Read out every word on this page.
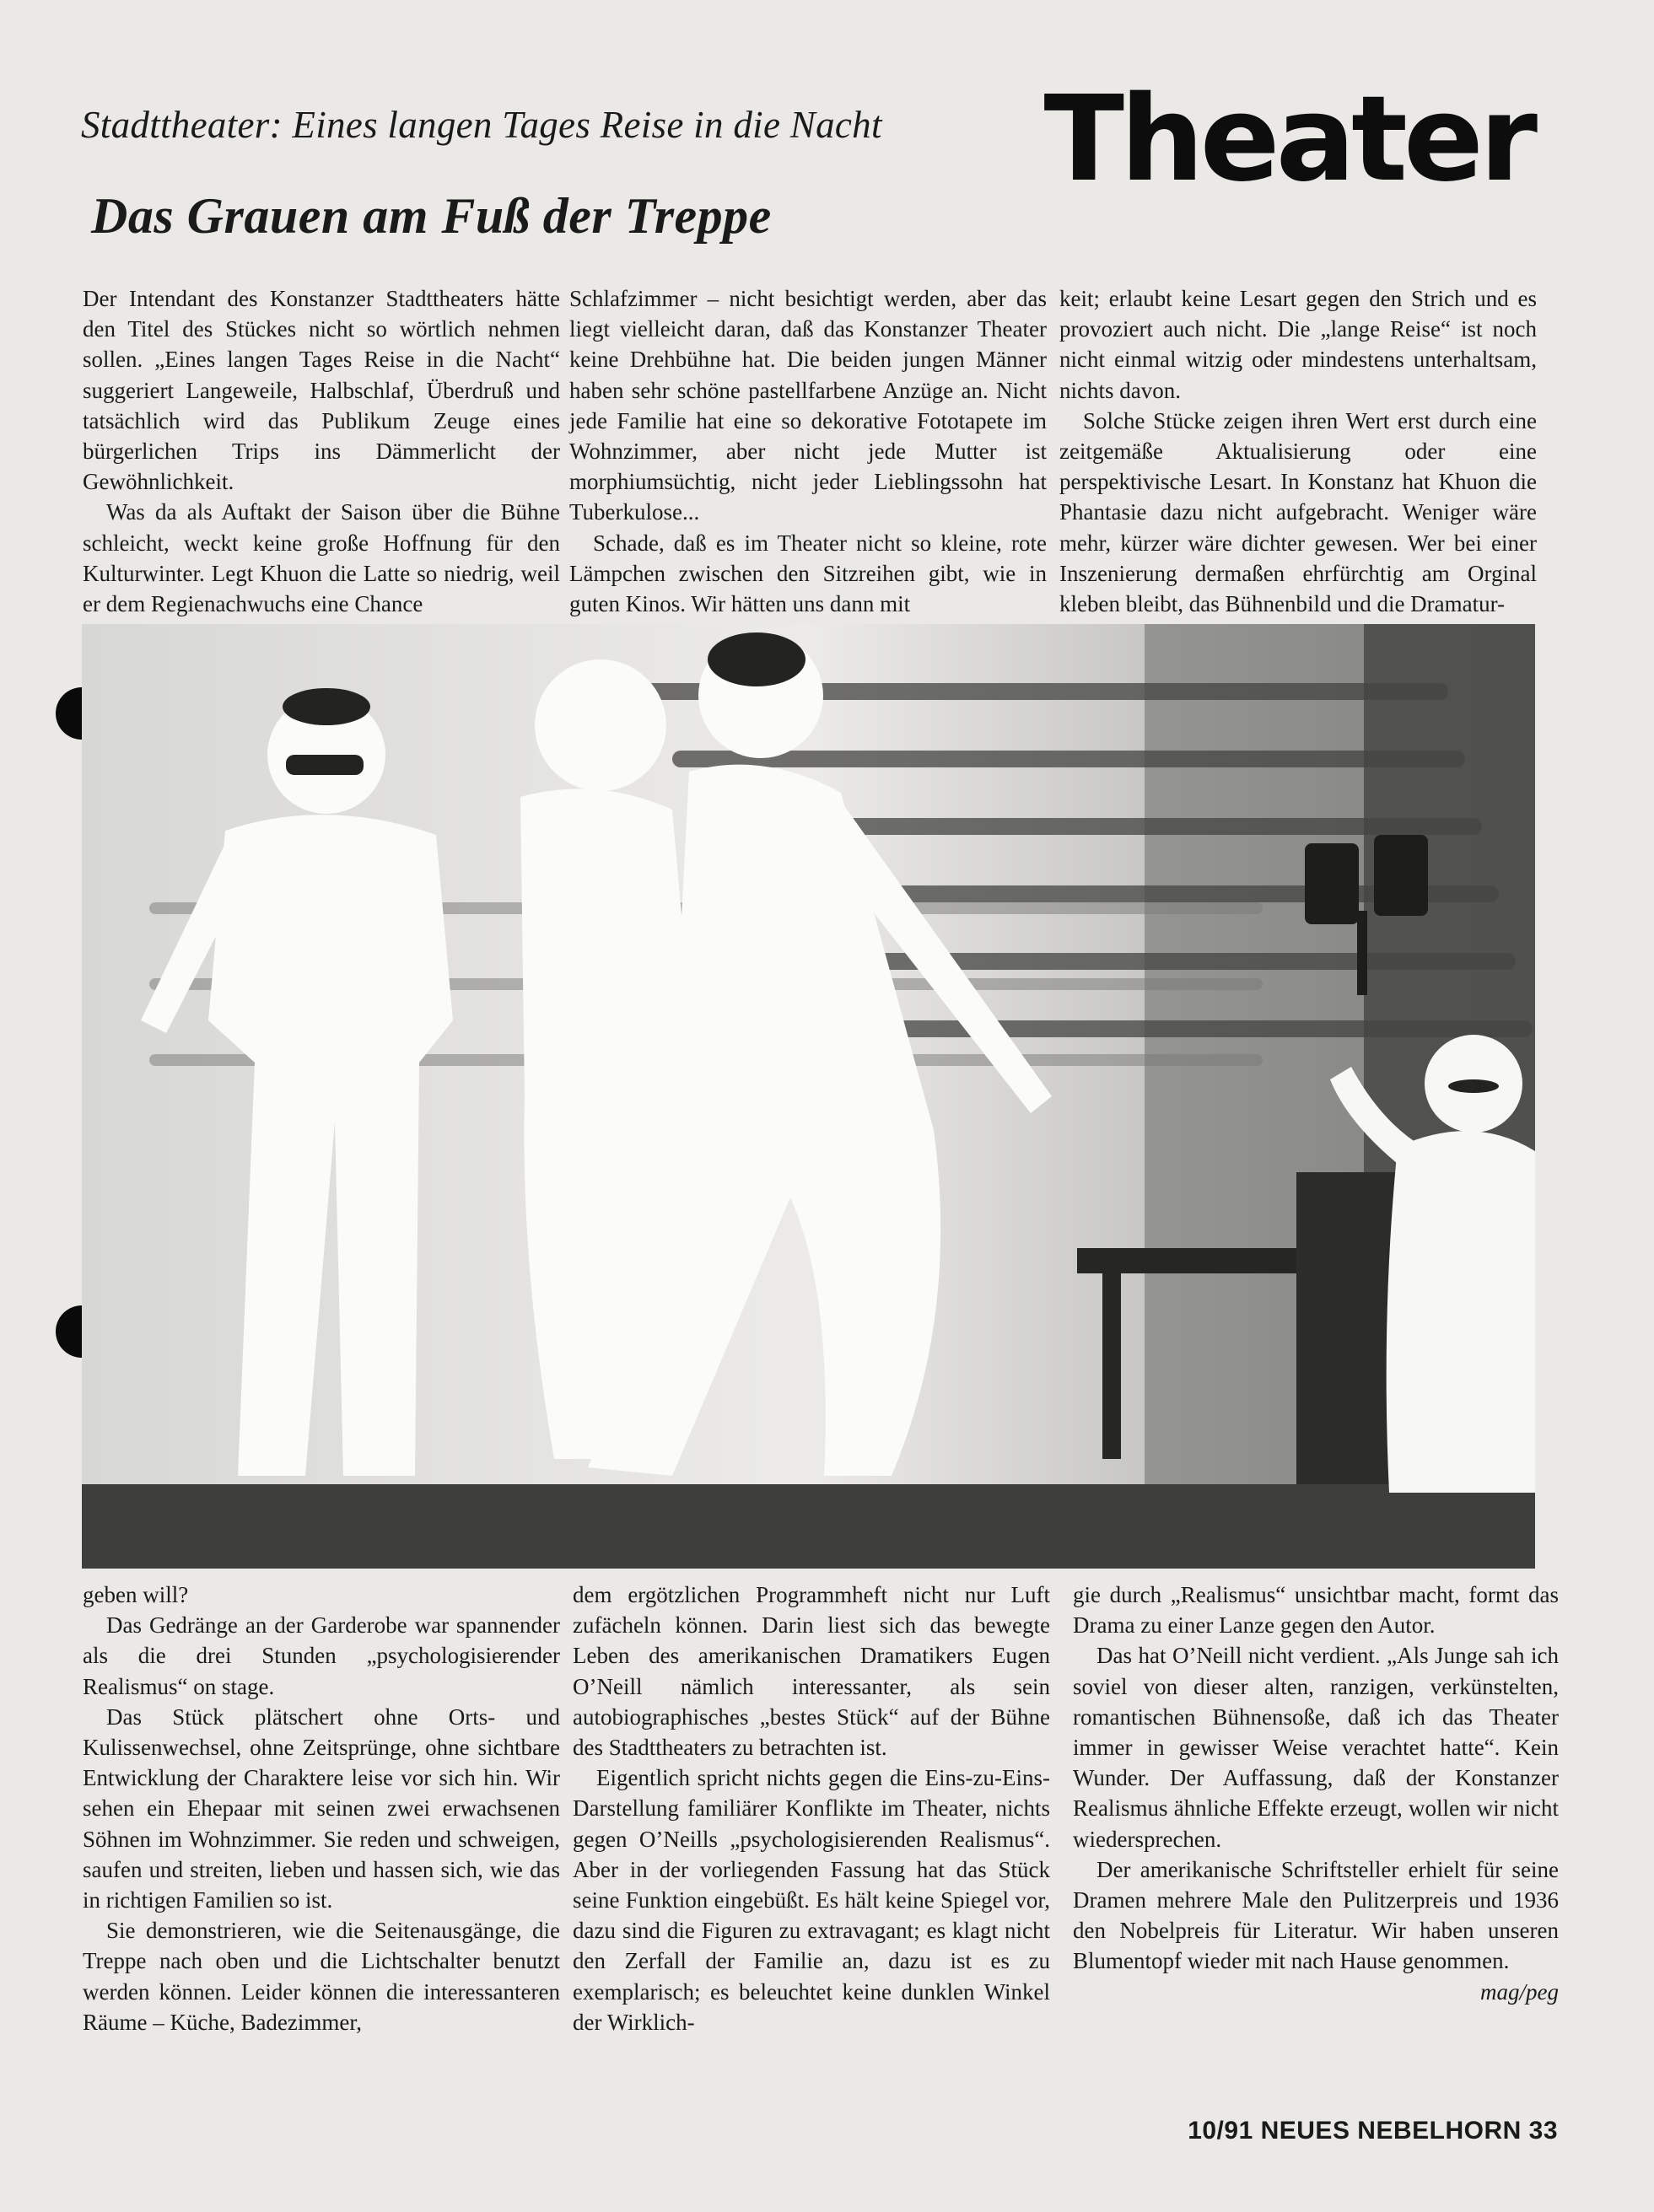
Stadttheater: Eines langen Tages Reise in die Nacht
Das Grauen am Fuß der Treppe
Theater

Der Intendant des Konstanzer Stadttheaters hätte den Titel des Stückes nicht so wörtlich nehmen sollen. „Eines langen Tages Reise in die Nacht“ suggeriert Langeweile, Halbschlaf, Überdruß und tatsächlich wird das Publikum Zeuge eines bürgerlichen Trips ins Dämmerlicht der Gewöhnlichkeit.

Was da als Auftakt der Saison über die Bühne schleicht, weckt keine große Hoffnung für den Kulturwinter. Legt Khuon die Latte so niedrig, weil er dem Regienachwuchs eine Chance

Schlafzimmer – nicht besichtigt werden, aber das liegt vielleicht daran, daß das Konstanzer Theater keine Drehbühne hat. Die beiden jungen Männer haben sehr schöne pastellfarbene Anzüge an. Nicht jede Familie hat eine so dekorative Fototapete im Wohnzimmer, aber nicht jede Mutter ist morphiumsüchtig, nicht jeder Lieblingssohn hat Tuberkulose...

Schade, daß es im Theater nicht so kleine, rote Lämpchen zwischen den Sitzreihen gibt, wie in guten Kinos. Wir hätten uns dann mit

keit; erlaubt keine Lesart gegen den Strich und es provoziert auch nicht. Die „lange Reise“ ist noch nicht einmal witzig oder mindestens unterhaltsam, nichts davon.

Solche Stücke zeigen ihren Wert erst durch eine zeitgemäße Aktualisierung oder eine perspektivische Lesart. In Konstanz hat Khuon die Phantasie dazu nicht aufgebracht. Weniger wäre mehr, kürzer wäre dichter gewesen. Wer bei einer Inszenierung dermaßen ehrfürchtig am Orginal kleben bleibt, das Bühnenbild und die Dramatur-

geben will?

Das Gedränge an der Garderobe war spannender als die drei Stunden „psychologisierender Realismus“ on stage.

Das Stück plätschert ohne Orts- und Kulissenwechsel, ohne Zeitsprünge, ohne sichtbare Entwicklung der Charaktere leise vor sich hin. Wir sehen ein Ehepaar mit seinen zwei erwachsenen Söhnen im Wohnzimmer. Sie reden und schweigen, saufen und streiten, lieben und hassen sich, wie das in richtigen Familien so ist.

Sie demonstrieren, wie die Seitenausgänge, die Treppe nach oben und die Lichtschalter benutzt werden können. Leider können die interessanteren Räume – Küche, Badezimmer,

dem ergötzlichen Programmheft nicht nur Luft zufächeln können. Darin liest sich das bewegte Leben des amerikanischen Dramatikers Eugen O’Neill nämlich interessanter, als sein autobiographisches „bestes Stück“ auf der Bühne des Stadttheaters zu betrachten ist.

Eigentlich spricht nichts gegen die Eins-zu-Eins-Darstellung familiärer Konflikte im Theater, nichts gegen O’Neills „psychologisierenden Realismus“. Aber in der vorliegenden Fassung hat das Stück seine Funktion eingebüßt. Es hält keine Spiegel vor, dazu sind die Figuren zu extravagant; es klagt nicht den Zerfall der Familie an, dazu ist es zu exemplarisch; es beleuchtet keine dunklen Winkel der Wirklich-

gie durch „Realismus“ unsichtbar macht, formt das Drama zu einer Lanze gegen den Autor.

Das hat O’Neill nicht verdient. „Als Junge sah ich soviel von dieser alten, ranzigen, verkünstelten, romantischen Bühnensoße, daß ich das Theater immer in gewisser Weise verachtet hatte“. Kein Wunder. Der Auffassung, daß der Konstanzer Realismus ähnliche Effekte erzeugt, wollen wir nicht wiedersprechen.

Der amerikanische Schriftsteller erhielt für seine Dramen mehrere Male den Pulitzerpreis und 1936 den Nobelpreis für Literatur. Wir haben unseren Blumentopf wieder mit nach Hause genommen.
mag/peg

10/91 NEUES NEBELHORN 33
